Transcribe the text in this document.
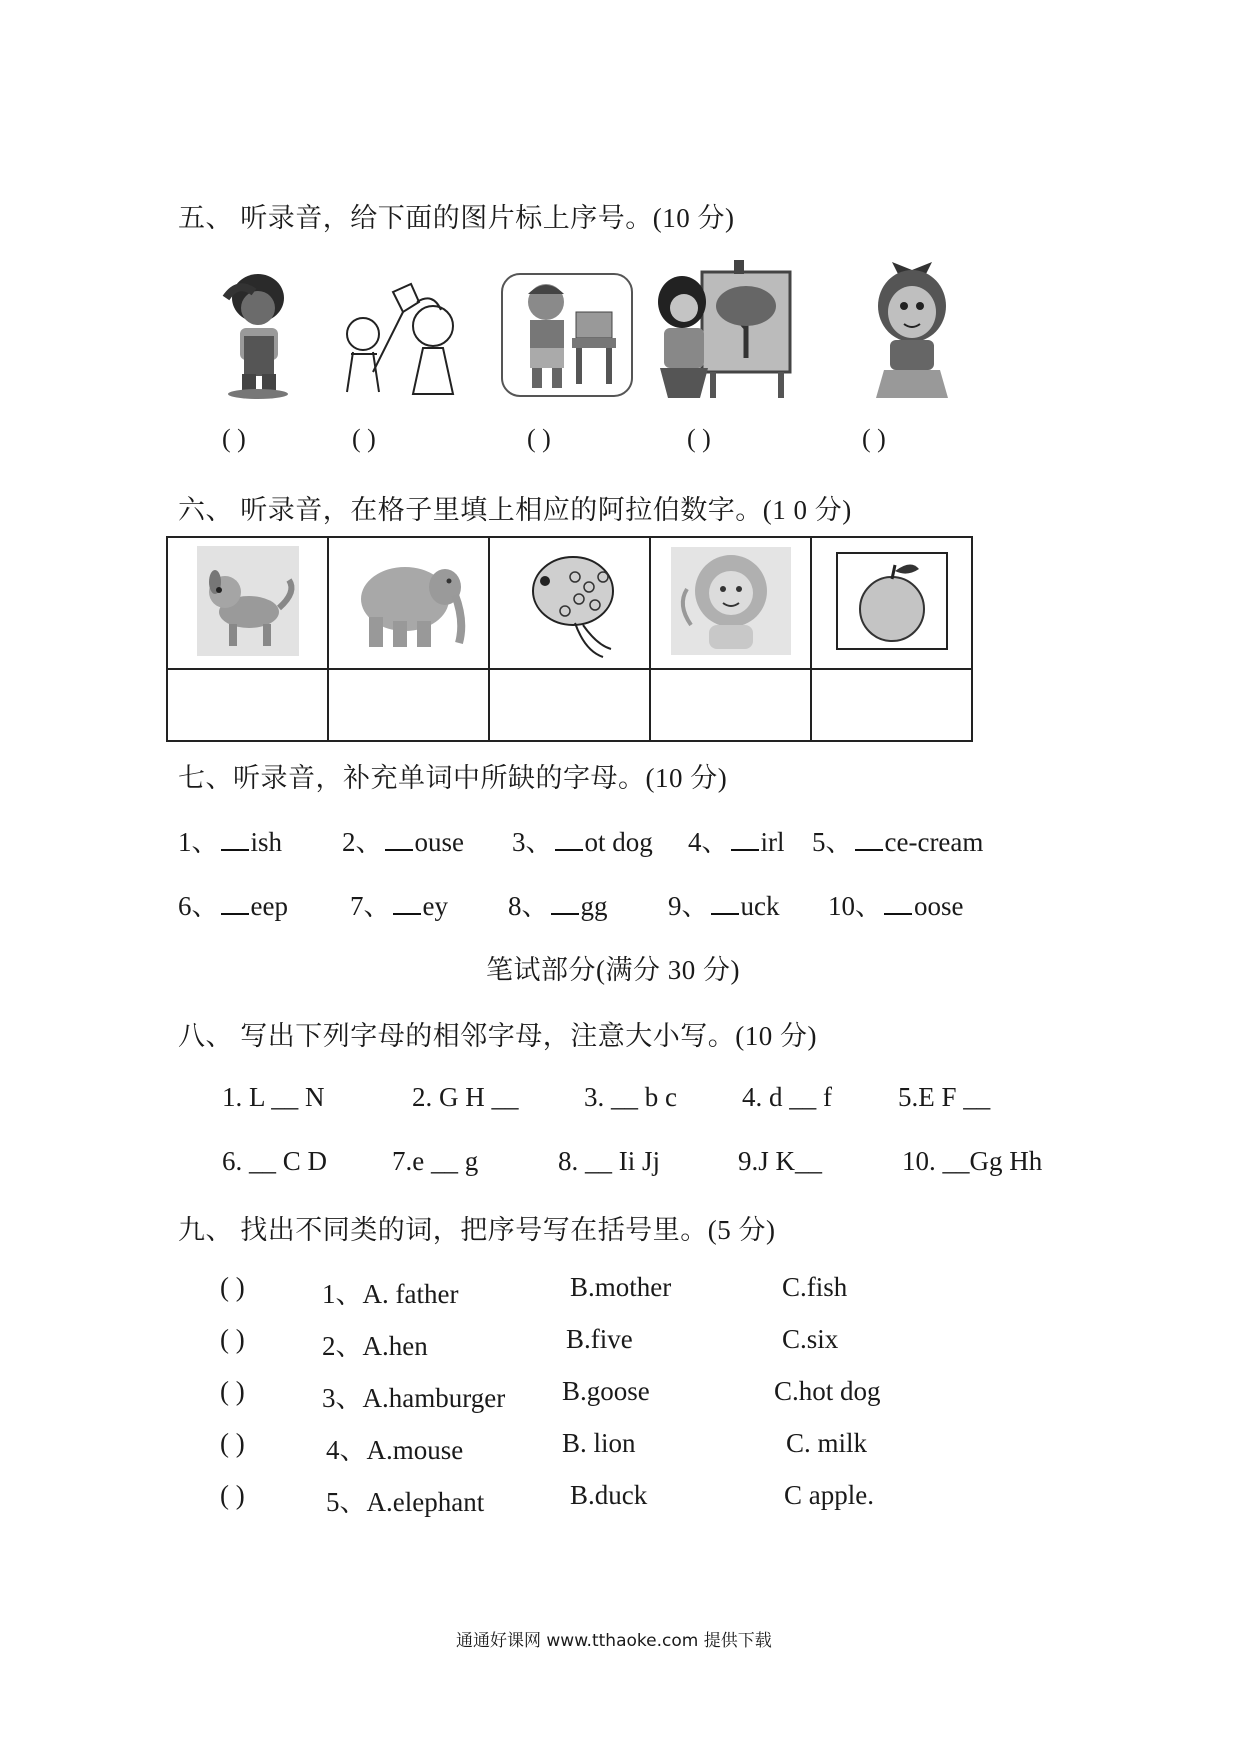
五、 听录音，给下面的图片标上序号。(10 分)
( )	( )	( )	( )	( )
六、 听录音，在格子里填上相应的阿拉伯数字。(1 0 分)

七、听录音，补充单词中所缺的字母。(10 分)
1、 ish 2、 ouse 3、 ot dog 4、 irl 5、 ce-cream
6、 eep 7、 ey 8、 gg 9、 uck 10、 oose
笔试部分(满分 30 分)
八、 写出下列字母的相邻字母，注意大小写。(10 分)
1. L __ N	2. G H __ 3. __ b c 4. d __ f 5.E F __
6. __ C D 7.e __ g	8. __ Ii Jj	9.J K__	10. __Gg Hh
九、 找出不同类的词，把序号写在括号里。(5 分)
( )	1、A. father	B.mother	C.fish
( )	2、A.hen	B.five	C.six
( )	3、A.hamburger B.goose	C.hot dog
( )	4、A.mouse	B. lion	C. milk
( )	5、A.elephant	B.duck	C apple.
通通好课网 www.tthaoke.com 提供下载
